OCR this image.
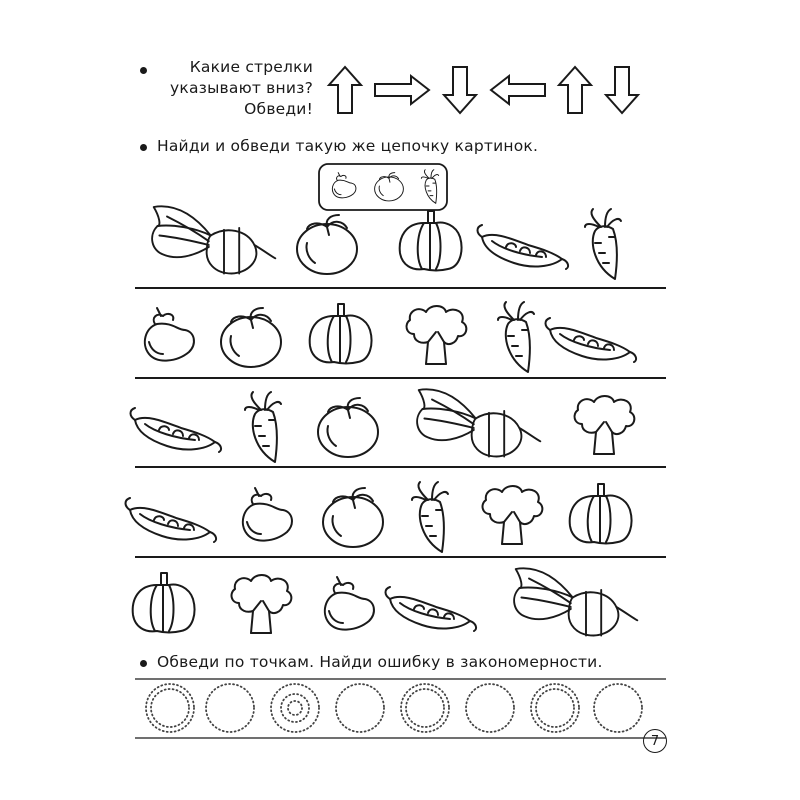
Какие стрелки
указывают вниз?
Обведи!
Найди и обведи такую же цепочку картинок.
Обведи по точкам. Найди ошибку в закономерности.
7
